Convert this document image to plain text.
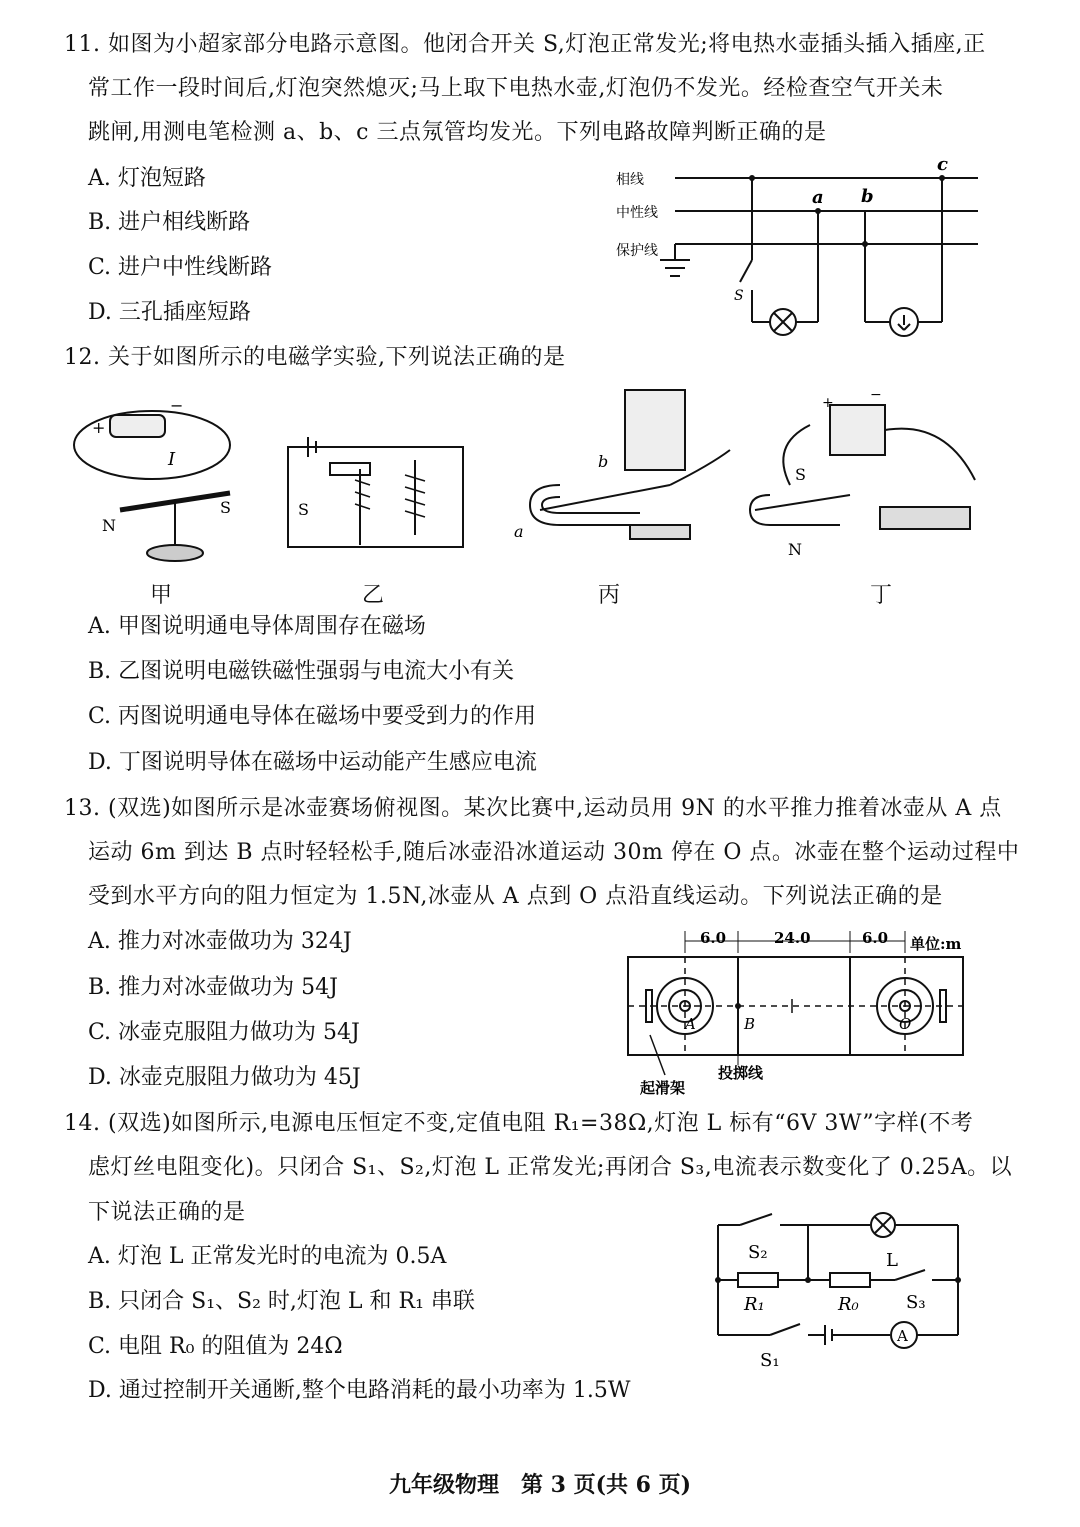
11. 如图为小超家部分电路示意图。他闭合开关 S,灯泡正常发光;将电热水壶插头插入插座,正
常工作一段时间后,灯泡突然熄灭;马上取下电热水壶,灯泡仍不发光。经检查空气开关未
跳闸,用测电笔检测 a、b、c 三点氖管均发光。下列电路故障判断正确的是
A. 灯泡短路
B. 进户相线断路
C. 进户中性线断路
D. 三孔插座短路
相线
中性线
保护线
a b
c
S
12. 关于如图所示的电磁学实验,下列说法正确的是
+
−
I
N
S	S
b
a
+	−
S
N
甲	乙	丙	丁
A. 甲图说明通电导体周围存在磁场
B. 乙图说明电磁铁磁性强弱与电流大小有关
C. 丙图说明通电导体在磁场中要受到力的作用
D. 丁图说明导体在磁场中运动能产生感应电流
13. (双选)如图所示是冰壶赛场俯视图。某次比赛中,运动员用 9N 的水平推力推着冰壶从 A 点
运动 6m 到达 B 点时轻轻松手,随后冰壶沿冰道运动 30m 停在 O 点。冰壶在整个运动过程中
受到水平方向的阻力恒定为 1.5N,冰壶从 A 点到 O 点沿直线运动。下列说法正确的是
A. 推力对冰壶做功为 324J
B. 推力对冰壶做功为 54J
C. 冰壶克服阻力做功为 54J
D. 冰壶克服阻力做功为 45J
6.0	24.0	6.0 单位:m
A	B	O
起滑架
投掷线
14. (双选)如图所示,电源电压恒定不变,定值电阻 R₁=38Ω,灯泡 L 标有“6V 3W”字样(不考
虑灯丝电阻变化)。只闭合 S₁、S₂,灯泡 L 正常发光;再闭合 S₃,电流表示数变化了 0.25A。以
下说法正确的是
A. 灯泡 L 正常发光时的电流为 0.5A
B. 只闭合 S₁、S₂ 时,灯泡 L 和 R₁ 串联
C. 电阻 R₀ 的阻值为 24Ω
D. 通过控制开关通断,整个电路消耗的最小功率为 1.5W
S₂	L
R₁	R₀	S₃
S₁
A
九年级物理　第 3 页(共 6 页)
